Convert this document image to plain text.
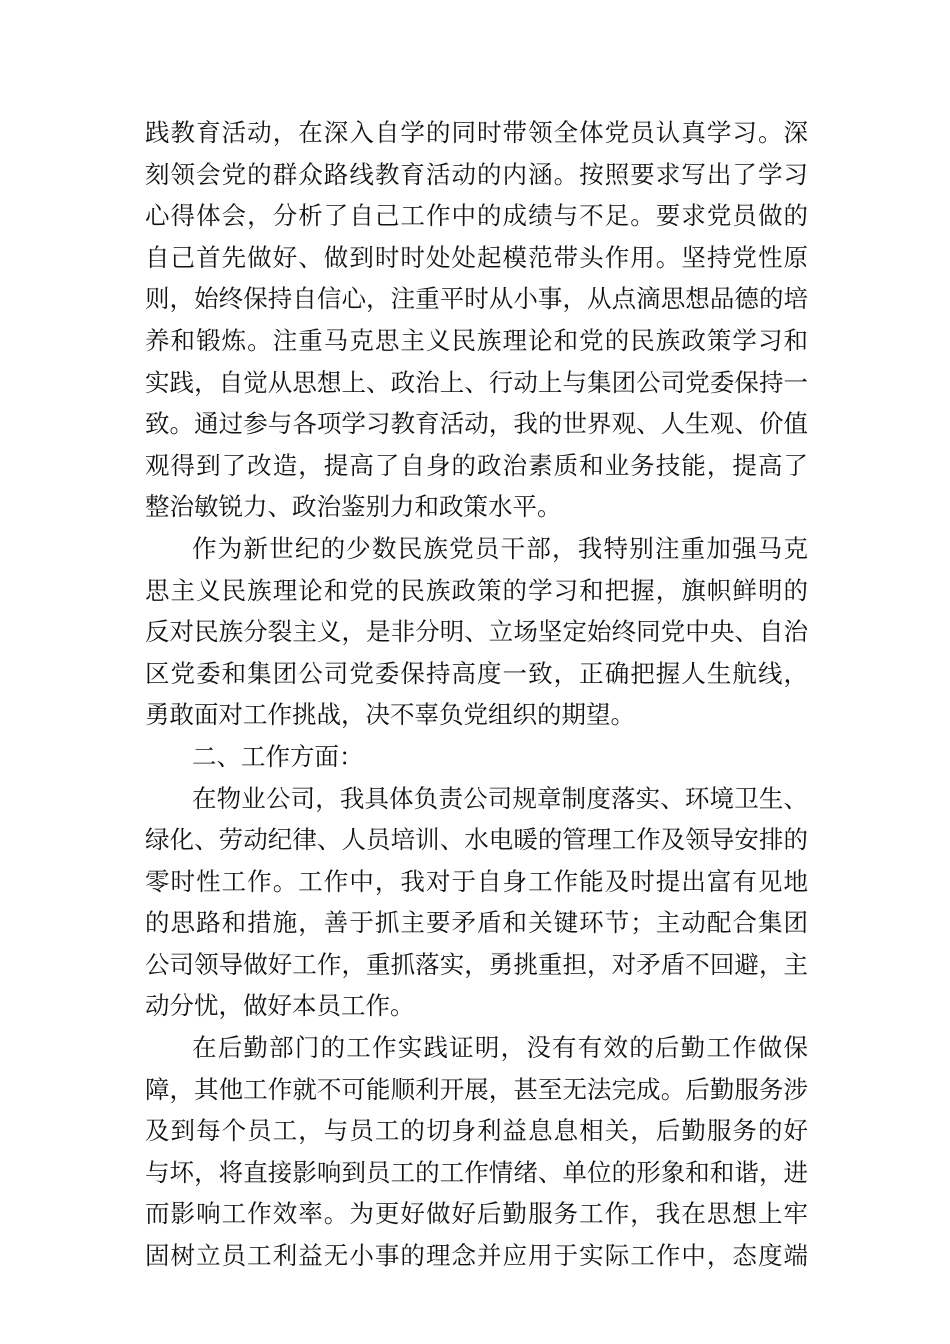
践教育活动，在深入自学的同时带领全体党员认真学习。深
刻领会党的群众路线教育活动的内涵。按照要求写出了学习
心得体会，分析了自己工作中的成绩与不足。要求党员做的
自己首先做好、做到时时处处起模范带头作用。坚持党性原
则，始终保持自信心，注重平时从小事，从点滴思想品德的培
养和锻炼。注重马克思主义民族理论和党的民族政策学习和
实践，自觉从思想上、政治上、行动上与集团公司党委保持一
致。通过参与各项学习教育活动，我的世界观、人生观、价值
观得到了改造，提高了自身的政治素质和业务技能，提高了
整治敏锐力、政治鉴别力和政策水平。
作为新世纪的少数民族党员干部，我特别注重加强马克
思主义民族理论和党的民族政策的学习和把握，旗帜鲜明的
反对民族分裂主义，是非分明、立场坚定始终同党中央、自治
区党委和集团公司党委保持高度一致，正确把握人生航线，
勇敢面对工作挑战，决不辜负党组织的期望。
二、工作方面：
在物业公司，我具体负责公司规章制度落实、环境卫生、
绿化、劳动纪律、人员培训、水电暖的管理工作及领导安排的
零时性工作。工作中，我对于自身工作能及时提出富有见地
的思路和措施，善于抓主要矛盾和关键环节；主动配合集团
公司领导做好工作，重抓落实，勇挑重担，对矛盾不回避，主
动分忧，做好本员工作。
在后勤部门的工作实践证明，没有有效的后勤工作做保
障，其他工作就不可能顺利开展，甚至无法完成。后勤服务涉
及到每个员工，与员工的切身利益息息相关，后勤服务的好
与坏，将直接影响到员工的工作情绪、单位的形象和和谐，进
而影响工作效率。为更好做好后勤服务工作，我在思想上牢
固树立员工利益无小事的理念并应用于实际工作中，态度端
